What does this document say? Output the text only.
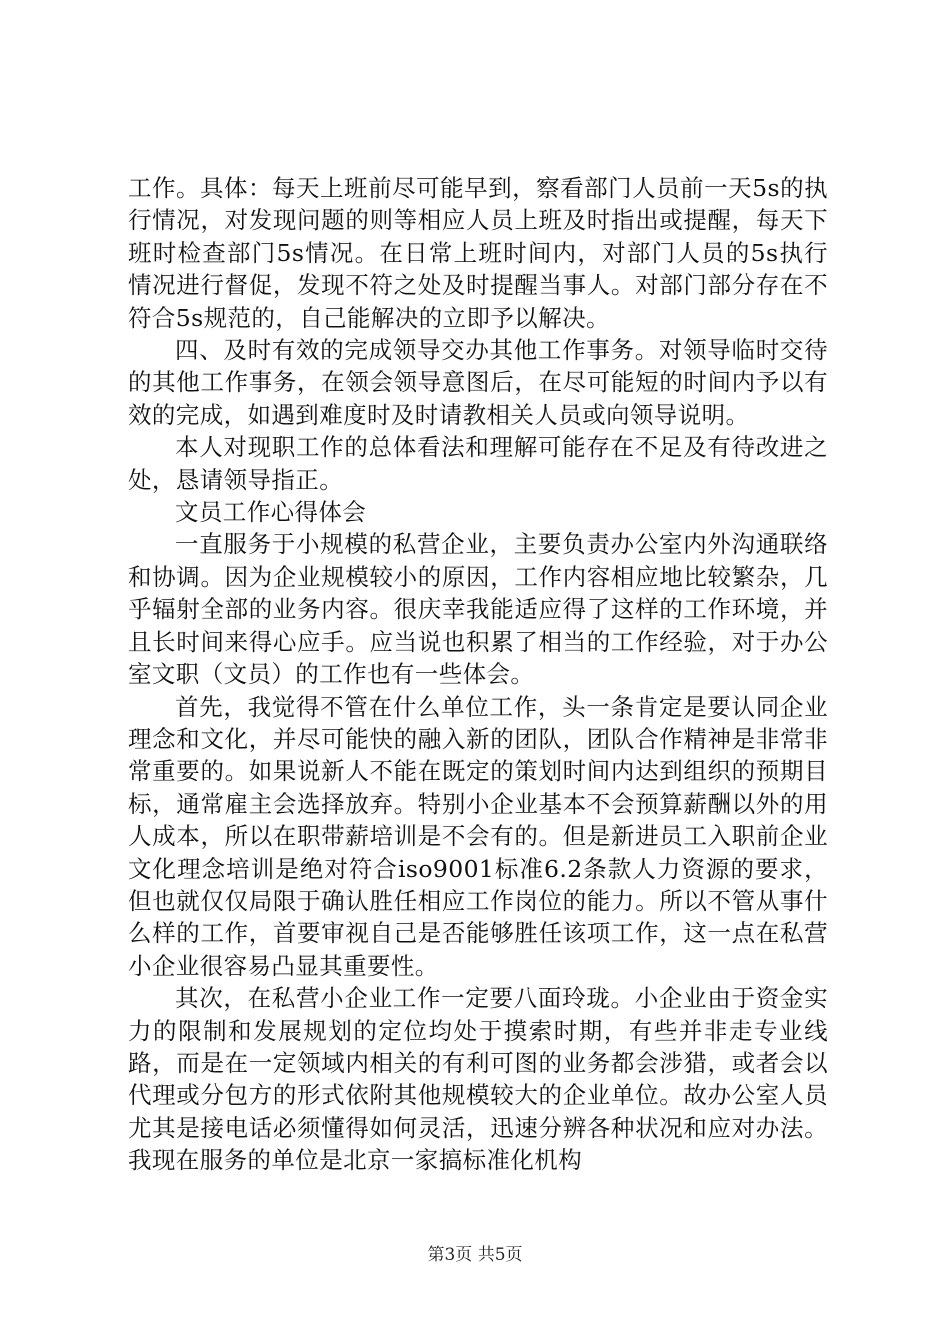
工作。具体：每天上班前尽可能早到，察看部门人员前一天5s的执行情况，对发现问题的则等相应人员上班及时指出或提醒，每天下班时检查部门5s情况。在日常上班时间内，对部门人员的5s执行情况进行督促，发现不符之处及时提醒当事人。对部门部分存在不符合5s规范的，自己能解决的立即予以解决。

四、及时有效的完成领导交办其他工作事务。对领导临时交待的其他工作事务，在领会领导意图后，在尽可能短的时间内予以有效的完成，如遇到难度时及时请教相关人员或向领导说明。

本人对现职工作的总体看法和理解可能存在不足及有待改进之处，恳请领导指正。

文员工作心得体会

一直服务于小规模的私营企业，主要负责办公室内外沟通联络和协调。因为企业规模较小的原因，工作内容相应地比较繁杂，几乎辐射全部的业务内容。很庆幸我能适应得了这样的工作环境，并且长时间来得心应手。应当说也积累了相当的工作经验，对于办公室文职（文员）的工作也有一些体会。

首先，我觉得不管在什么单位工作，头一条肯定是要认同企业理念和文化，并尽可能快的融入新的团队，团队合作精神是非常非常重要的。如果说新人不能在既定的策划时间内达到组织的预期目标，通常雇主会选择放弃。特别小企业基本不会预算薪酬以外的用人成本，所以在职带薪培训是不会有的。但是新进员工入职前企业文化理念培训是绝对符合iso9001标准6.2条款人力资源的要求，但也就仅仅局限于确认胜任相应工作岗位的能力。所以不管从事什么样的工作，首要审视自己是否能够胜任该项工作，这一点在私营小企业很容易凸显其重要性。

其次，在私营小企业工作一定要八面玲珑。小企业由于资金实力的限制和发展规划的定位均处于摸索时期，有些并非走专业线路，而是在一定领域内相关的有利可图的业务都会涉猎，或者会以代理或分包方的形式依附其他规模较大的企业单位。故办公室人员尤其是接电话必须懂得如何灵活，迅速分辨各种状况和应对办法。我现在服务的单位是北京一家搞标准化机构

第3页 共5页
